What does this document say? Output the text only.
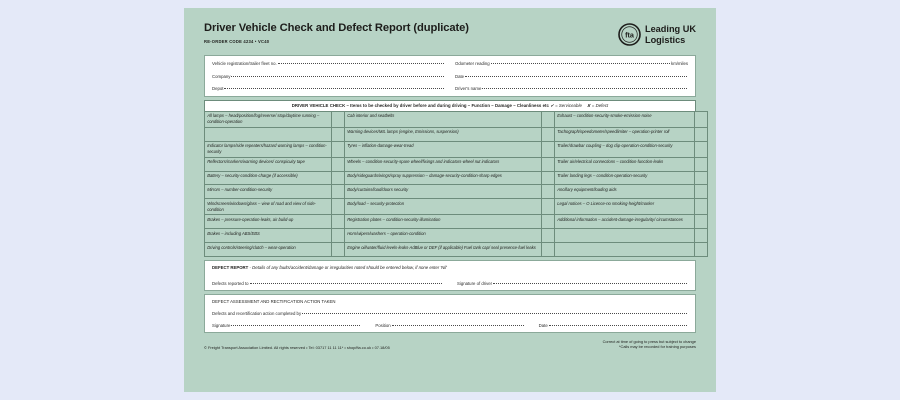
Driver Vehicle Check and Defect Report (duplicate)
RE-ORDER CODE 4234 • VC40
fta
Leading UK
Logistics
Vehicle registration/trailer fleet no.
Company
Depot
Odometer reading	km/miles
Date
Driver's name
DRIVER VEHICLE CHECK – Items to be checked by driver before and during driving – Function – Damage – Cleanliness etc ✔ = Serviceable ✘ = Defect
All lamps – head/position/fog/reverse/ stop/daytime running – condition-operation		Cab interior and seatbelts		Exhaust – condition-security-smoke-emission-noise	
		Warning devices/MIL lamps (engine, Emissions, suspension)		Tachograph/speedometer/speedlimiter – operation-printer roll	
Indicator lamps/side repeaters/hazard warning lamps – condition-security		Tyres – inflation-damage-wear-tread		Trailer/drawbar coupling – dog clip-operation-condition-security	
Reflectors/markers/warning devices/ conspicuity tape		Wheels – condition-security-spare wheel/fixings and indicators-wheel nut indicators		Trailer air/electrical connections – condition-function-leaks	
Battery – security-condition-charge (if accessible)		Body/sideguards/wings/spray suppression – damage-security-condition-sharp edges		Trailer landing legs – condition-operation-security	
Mirrors – number-condition-security		Body/curtains/load/doors security		Ancillary equipment/loading aids	
Windscreen/windows/glass – view of road and view of side-condition		Body/load – security-protection		Legal notices – O Licence-no smoking-height/marker	
Brakes – pressure-operation-leaks, air build-up		Registration plates – condition-security-illumination		Additional information – accident-damage-irregularity/ circumstances	
Brakes – including ABS/EBS		Horn/wipers/washers – operation-condition			
Driving controls/steering/clutch – wear-operation		Engine oil/water/fluid levels-leaks-AdBlue or DEF (if applicable) Fuel tank cap/ seal presence-fuel leaks			
DEFECT REPORT - Details of any faults/accident/damage or irregularities noted should be entered below, if none enter 'Nil'
Defects reported to	Signature of driver
DEFECT ASSESSMENT AND RECTIFICATION ACTION TAKEN
Defects and recertification action completed by
Signature	Position	Date
© Freight Transport Association Limited. All rights reserved • Tel: 03717 11 11 11* • shop/fta.co.uk • 07.18/05
Correct at time of going to press but subject to change
*Calls may be recorded for training purposes
